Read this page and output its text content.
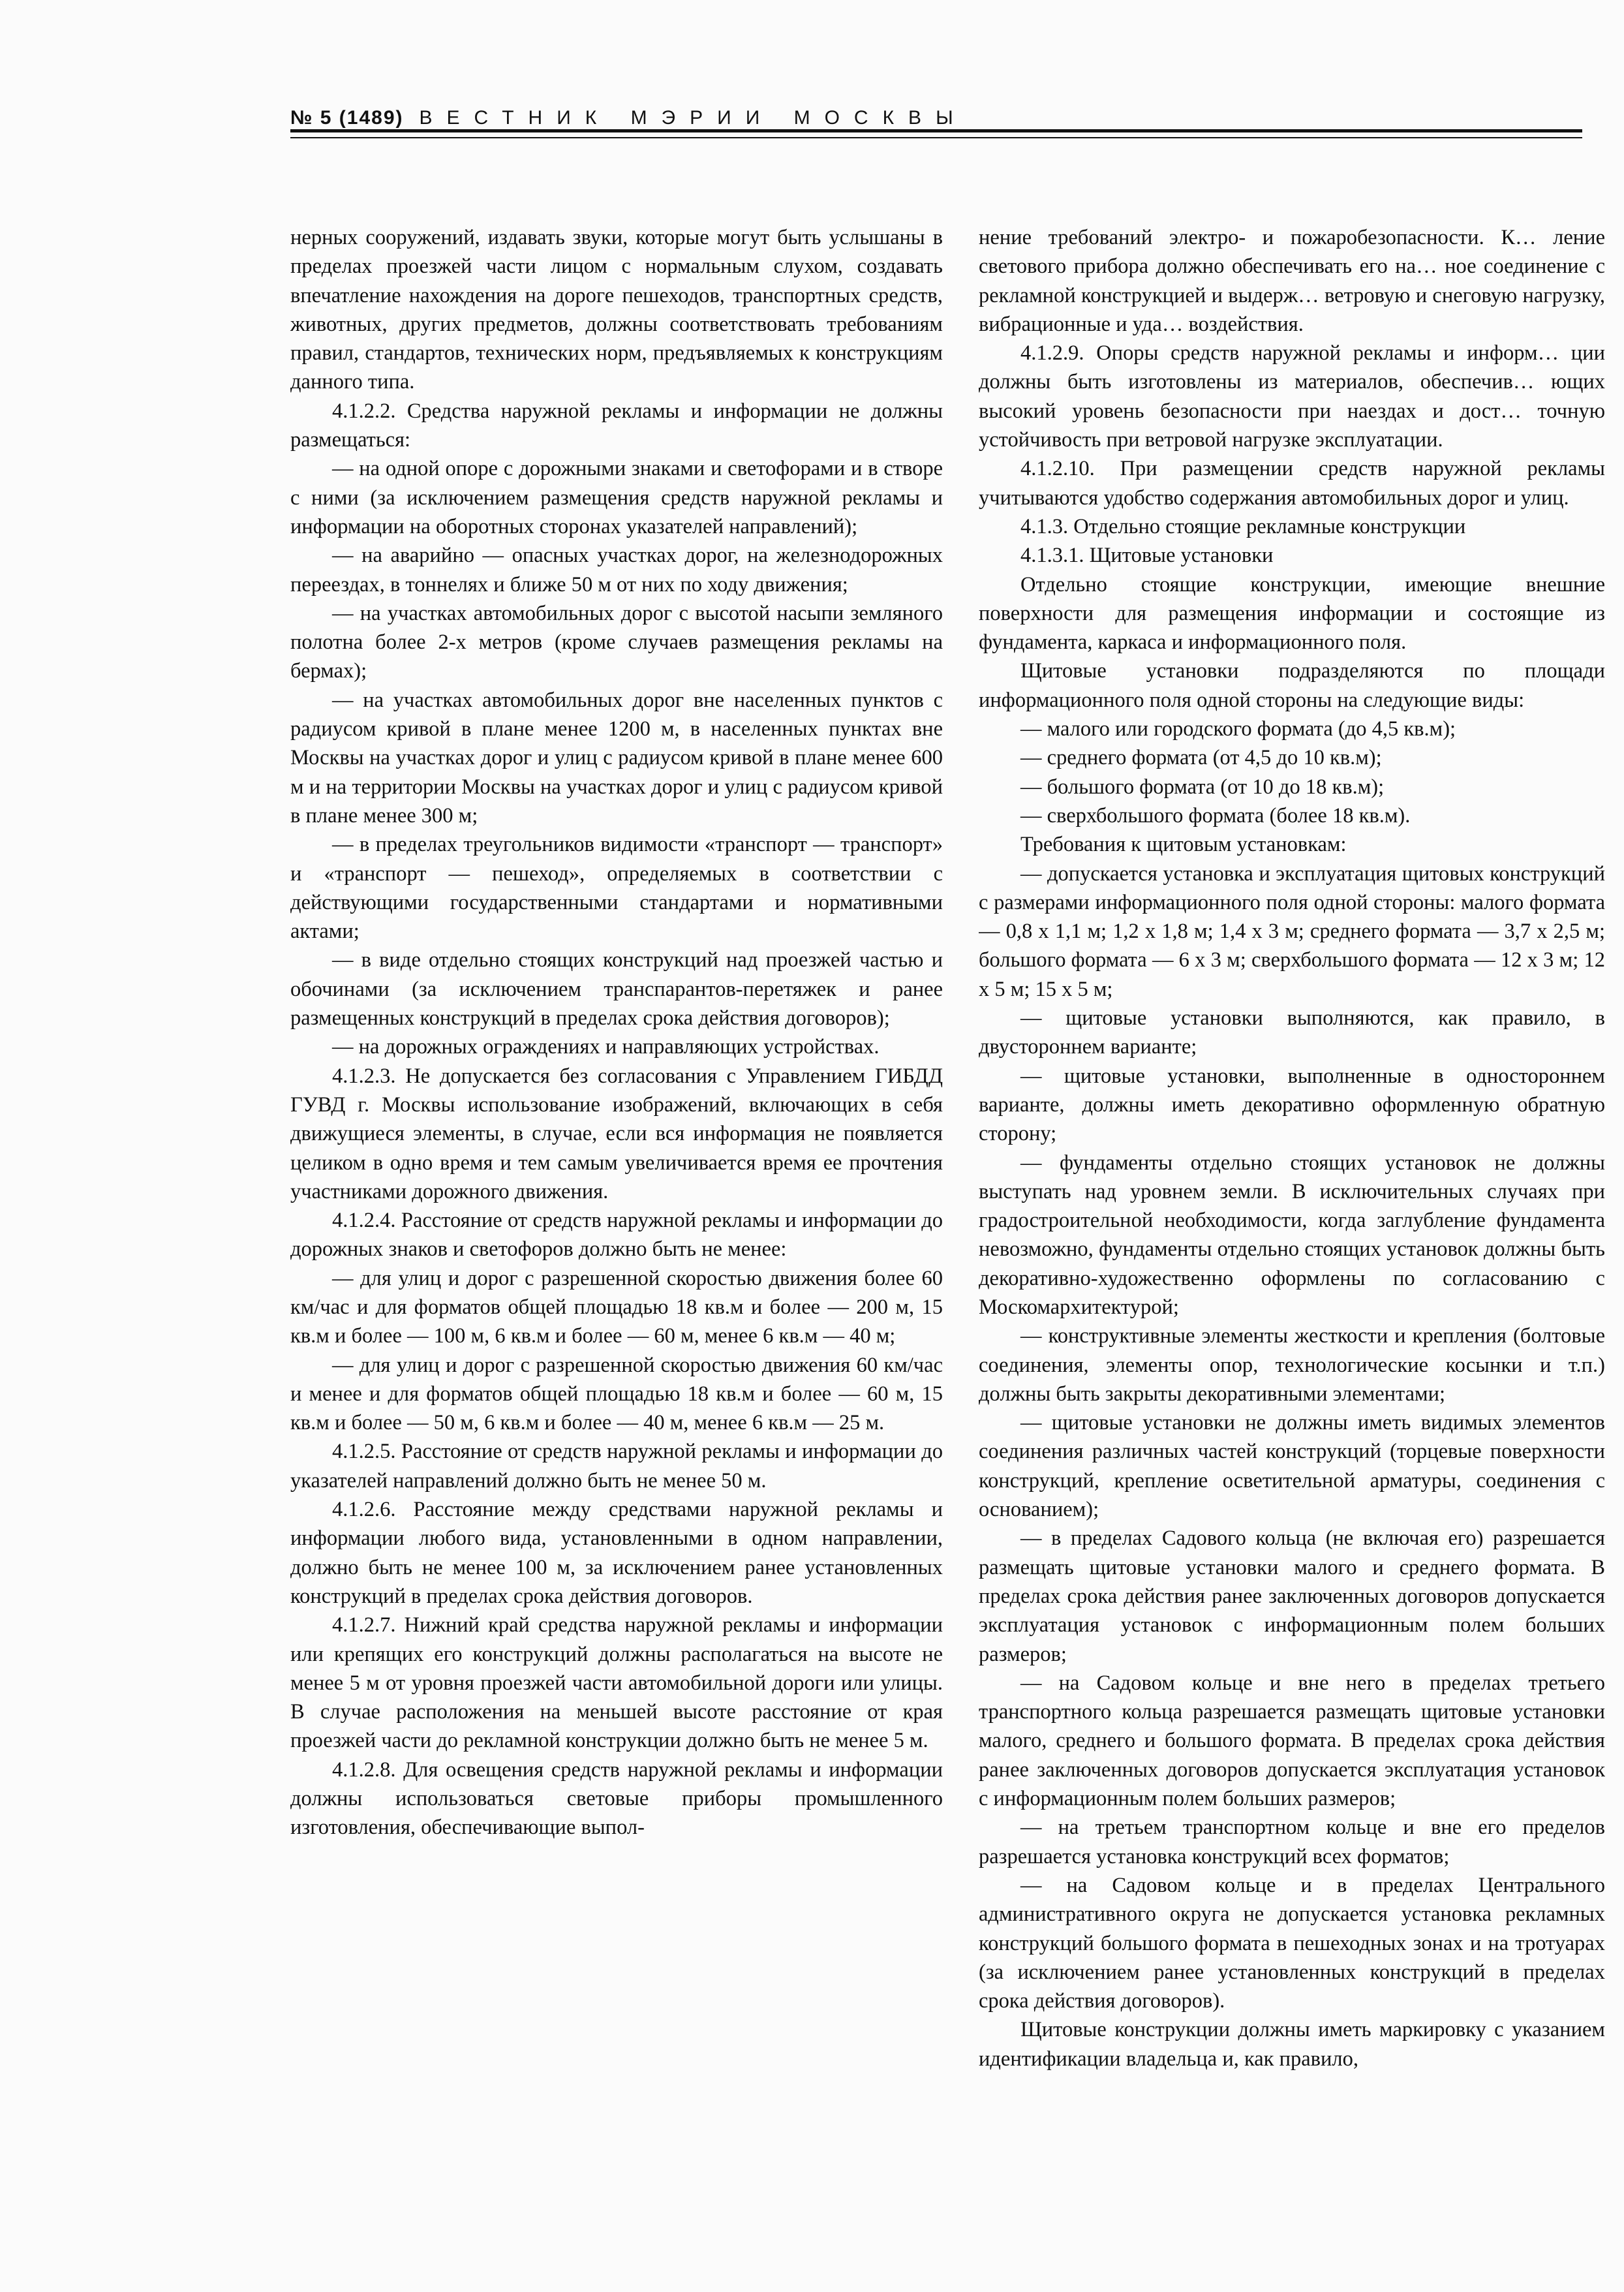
№ 5 (1489) ВЕСТНИК МЭРИИ МОСКВЫ

нерных сооружений, издавать звуки, которые могут быть услышаны в пределах проезжей части лицом с нормальным слухом, создавать впечатление нахождения на дороге пешеходов, транспортных средств, животных, других предметов, должны соответствовать требованиям правил, стандартов, технических норм, предъявляемых к конструкциям данного типа.

4.1.2.2. Средства наружной рекламы и информации не должны размещаться:

— на одной опоре с дорожными знаками и светофорами и в створе с ними (за исключением размещения средств наружной рекламы и информации на оборотных сторонах указателей направлений);

— на аварийно — опасных участках дорог, на железнодорожных переездах, в тоннелях и ближе 50 м от них по ходу движения;

— на участках автомобильных дорог с высотой насыпи земляного полотна более 2-х метров (кроме случаев размещения рекламы на бермах);

— на участках автомобильных дорог вне населенных пунктов с радиусом кривой в плане менее 1200 м, в населенных пунктах вне Москвы на участках дорог и улиц с радиусом кривой в плане менее 600 м и на территории Москвы на участках дорог и улиц с радиусом кривой в плане менее 300 м;

— в пределах треугольников видимости «транспорт — транспорт» и «транспорт — пешеход», определяемых в соответствии с действующими государственными стандартами и нормативными актами;

— в виде отдельно стоящих конструкций над проезжей частью и обочинами (за исключением транспарантов-перетяжек и ранее размещенных конструкций в пределах срока действия договоров);

— на дорожных ограждениях и направляющих устройствах.

4.1.2.3. Не допускается без согласования с Управлением ГИБДД ГУВД г. Москвы использование изображений, включающих в себя движущиеся элементы, в случае, если вся информация не появляется целиком в одно время и тем самым увеличивается время ее прочтения участниками дорожного движения.

4.1.2.4. Расстояние от средств наружной рекламы и информации до дорожных знаков и светофоров должно быть не менее:

— для улиц и дорог с разрешенной скоростью движения более 60 км/час и для форматов общей площадью 18 кв.м и более — 200 м, 15 кв.м и более — 100 м, 6 кв.м и более — 60 м, менее 6 кв.м — 40 м;

— для улиц и дорог с разрешенной скоростью движения 60 км/час и менее и для форматов общей площадью 18 кв.м и более — 60 м, 15 кв.м и более — 50 м, 6 кв.м и более — 40 м, менее 6 кв.м — 25 м.

4.1.2.5. Расстояние от средств наружной рекламы и информации до указателей направлений должно быть не менее 50 м.

4.1.2.6. Расстояние между средствами наружной рекламы и информации любого вида, установленными в одном направлении, должно быть не менее 100 м, за исключением ранее установленных конструкций в пределах срока действия договоров.

4.1.2.7. Нижний край средства наружной рекламы и информации или крепящих его конструкций должны располагаться на высоте не менее 5 м от уровня проезжей части автомобильной дороги или улицы. В случае расположения на меньшей высоте расстояние от края проезжей части до рекламной конструкции должно быть не менее 5 м.

4.1.2.8. Для освещения средств наружной рекламы и информации должны использоваться световые приборы промышленного изготовления, обеспечивающие выпол-

нение требований электро- и пожаробезопасности. К… ление светового прибора должно обеспечивать его на… ное соединение с рекламной конструкцией и выдерж… ветровую и снеговую нагрузку, вибрационные и уда… воздействия.

4.1.2.9. Опоры средств наружной рекламы и информ… ции должны быть изготовлены из материалов, обеспечив… ющих высокий уровень безопасности при наездах и дост… точную устойчивость при ветровой нагрузке эксплуатации.

4.1.2.10. При размещении средств наружной рекламы учитываются удобство содержания автомобильных дорог и улиц.

4.1.3. Отдельно стоящие рекламные конструкции

4.1.3.1. Щитовые установки

Отдельно стоящие конструкции, имеющие внешние поверхности для размещения информации и состоящие из фундамента, каркаса и информационного поля.

Щитовые установки подразделяются по площади информационного поля одной стороны на следующие виды:

— малого или городского формата (до 4,5 кв.м);

— среднего формата (от 4,5 до 10 кв.м);

— большого формата (от 10 до 18 кв.м);

— сверхбольшого формата (более 18 кв.м).

Требования к щитовым установкам:

— допускается установка и эксплуатация щитовых конструкций с размерами информационного поля одной стороны: малого формата — 0,8 х 1,1 м; 1,2 х 1,8 м; 1,4 х 3 м; среднего формата — 3,7 х 2,5 м; большого формата — 6 х 3 м; сверхбольшого формата — 12 х 3 м; 12 х 5 м; 15 х 5 м;

— щитовые установки выполняются, как правило, в двустороннем варианте;

— щитовые установки, выполненные в одностороннем варианте, должны иметь декоративно оформленную обратную сторону;

— фундаменты отдельно стоящих установок не должны выступать над уровнем земли. В исключительных случаях при градостроительной необходимости, когда заглубление фундамента невозможно, фундаменты отдельно стоящих установок должны быть декоративно-художественно оформлены по согласованию с Москомархитектурой;

— конструктивные элементы жесткости и крепления (болтовые соединения, элементы опор, технологические косынки и т.п.) должны быть закрыты декоративными элементами;

— щитовые установки не должны иметь видимых элементов соединения различных частей конструкций (торцевые поверхности конструкций, крепление осветительной арматуры, соединения с основанием);

— в пределах Садового кольца (не включая его) разрешается размещать щитовые установки малого и среднего формата. В пределах срока действия ранее заключенных договоров допускается эксплуатация установок с информационным полем больших размеров;

— на Садовом кольце и вне него в пределах третьего транспортного кольца разрешается размещать щитовые установки малого, среднего и большого формата. В пределах срока действия ранее заключенных договоров допускается эксплуатация установок с информационным полем больших размеров;

— на третьем транспортном кольце и вне его пределов разрешается установка конструкций всех форматов;

— на Садовом кольце и в пределах Центрального административного округа не допускается установка рекламных конструкций большого формата в пешеходных зонах и на тротуарах (за исключением ранее установленных конструкций в пределах срока действия договоров).

Щитовые конструкции должны иметь маркировку с указанием идентификации владельца и, как правило,
